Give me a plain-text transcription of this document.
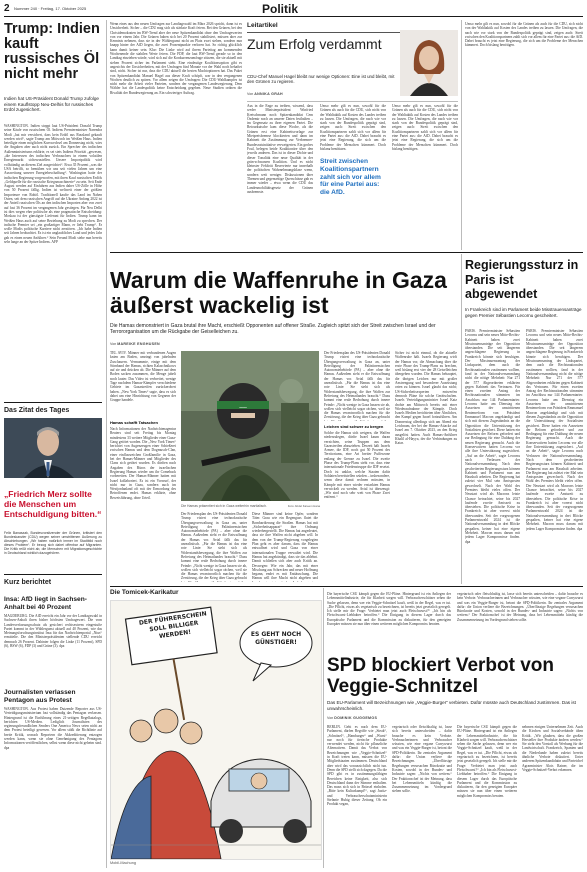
2 Nummer 240 · Freitag, 17. Oktober 2025	Politik
Trump: Indien kauft russisches Öl nicht mehr
Indien hat US-Präsident Donald Trump zufolge einem Kauflstopp Neu-Delhis für russisches Erdöl zugesichert.
WASHINGTON. Indien stoppt laut US-Präsident Donald Trump seine Käufe von russischem Öl. Indiens Premierminister Narendra Modi „hat mir versichert, dass kein Erdöl aus Russland gekauft werden wird“, sagte Trump am Mittwoch im Weißen Haus. Indien beteiligte einen möglichen Kurswechsel am Donnerstag nicht, wies die Angaben aber auch nicht zurück. Ein Sprecher des indischen Außenministeriums erklärte, es sei stets Indiens Priorität „gewesen, „die Interessen des indischen Verbrauchers in einem volatilen Energiemarkt sicherzustellen. Unsere Importpolitik wird vollständig an diesem Ziel ausgerichtet“. Etwa 35 Prozent „was die USA betrifft, so bemühen wir uns seit vielen Jahren um eine Ausweitung unserer Energiebeschaffung“. Washington hatte der indischen Regierung vorgeworfen, mit ihren Kauf russischen Erdöls „Geldquelle für die russische Kriegsmaschinerie“ zu sein. Seit Ende August werden auf Einfuhren aus Indien daher US-Zölle in Höhe von 50 Prozent fällig. Indien ist weltweit einer der größten Importeure von Rohöl. Traditionell kaufte das Land im Nahen Osten, seit dem russischen Angriff auf die Ukraine Anfang 2022 ist der Anteil russischen Öls an den indischen Importen aber von zwei auf fast 36 Prozent im vergangenen Jahr gestiegen. Für Neu Delhi ist dies wegen eher politische als eine pragmatische Entscheidung: Moskau ist der günstigste Lieferant für Indien. Trump kann im Weißen Haus auch auf seine Beziehung zu Modi zu sprechen. Der indische Premier sei „ein großartiger Mann, er liebt Trump“. Er wolle Modis politische Karriere nicht zerstören. „Ich habe Indien seit Jahren beobachtet. Es ist ein unglaubliches Land und jedes Jahr gab es einen neuen Anführer.“ Sein Freund Modi stehe nun bereits sehr lange an der Spitze Indiens. AFP
Das Zitat des Tages
„Friedrich Merz sollte die Menschen um Entschuldigung bitten.“
Felix Banaszak, Bundesvorsitzender der Grünen, kritisiert den Bundeskanzler (CDU) wegen seiner umstrittenen Äußerung zu Abschiebungen. „Wir haben natürlich immer im Stadtbild noch dieses Problem“. Er bezog sich dabei offenbar auf Migranten. Die Kritik reißt nicht ab, die Menschen mit Migrationsgeschichte in Deutschland wirklich dazugehören.
Kurz berichtet
Insa: AfD liegt in Sachsen-Anhalt bei 40 Prozent
MAGDEBURG. Die AfD erreicht ein Jahr vor der Landtagswahl in Sachsen-Anhalt ihren bisher höchsten Umfragewert. Die vom Landesverfassungsschutz als gesichert rechtsextrem eingestufte Partei kommt in der Wählergunst aktuell auf 40 Prozent, wie das Meinungsforschungsinstitut Insa für das Nachrichtenportal „Nius“ ermittelte. Die den Ministerpräsidenten stellende CDU erreicht demnach 26 Prozent. Dahinter folgen die Linke (11 Prozent), SPD (6), BSW (6), FDP (3) und Grüne (3). dpa
Journalisten verlassen Pentagon aus Protest
WASHINGTON. Aus Protest haben Dutzende Reporter aus US-Verteidigungsministerium fast vollständig das Pentagon verlassen. Hintergrund ist die Einführung eines 21-seitigen Regelkatalogs, berichten US-Medien. Lediglich Journalisten des regierungsfreundlichen Senders One America News seien nicht an dem Protest beteiligt gewesen. Vor allem stößt die Richtlinie auf breite Kritik, wonach Reportern die Akkreditierung entzogen werden kann, wenn sie ohne Genehmigung des Pentagons Informationen veröffentlichen, selbst wenn diese nicht geheim sind. dpa
Wenn eines aus den neuen Umfragen zur Landtagswahl im März 2026 spricht, dann ist es Unsicherheit. Sicher – die CDU mag sich als stärkste Kraft feiern. Bei den Grünen, bei den Christdemokraten im BW-Trend aber der neue Spitzenkandidat ohne den Umfragewerten von vor einem Jahr. Die Grünen haben sich bei 20 Prozent stabilisiert, müssen aber zur Kenntnis nehmen, dass sie in der Wählergunst nicht an Platz zwei stehen, sondern nun knapp hinter der AfD liegen, die zwei Prozentpunkte verloren hat. So richtig glücklich kann damit keiner sein. Klar: Die Linke wird auf ihrem Parteitag am kommenden Wochenende die stabilen Werte feiern. Die FDP, die laut BW-Trend gerade so in den Landtag einziehen würde, wird sich auf die Konkurrenzumfrage stürzen, die sie aktuell mit sieben Prozent sicher im Parlament sieht. Eine eindeutige Koalitionsoption gibt es angesichts der Unsicherheiten, mit der Umfragen fünf Monate vor der Wahl noch behaftet sind, nicht. Sicher ist nur, dass die CDU aktuell die besten Machtoptionen hat. Das Paket von Spitzenkandidat Manuel Hagel aus dieser Kraft schöpft, war in den vergangenen Wochen deutlich zu spüren. Vor allem zeigen die Umfragen: Die CDU-Wahlkampfes ist nicht mehr die Arbeit vieler Parteien, sondern der vergangenen Landesregierung. Dem Wähler hat die Landespolitik keine Entscheidung gegeben. Neue Studien ordnen die Rivalität der Bundesregierung an. Ein schwieriger Auftrag.
Leitartikel
Zum Erfolg verdammt
CDU-Chef Manuel Hagel bleibt nur wenige Optionen: Eine ist und bleibt, mit den Grünen zu regieren.
Von ANNIKA GRAH
Aus in die Enge zu treiben, wissend, dass weder Ministerpräsident Winfried Kretschmann noch Spitzenkandidat Cem Özdemir noch an unserer Daten festhalten – im Gegensatz zu ihrer eigenen Partei. Die Retourkutsche kam diese Woche, als die Grünen erst eine Kabinettsvorlage zur Mietpreisbremse blockierten und dann im Kabinett die Zustimmung zur Verbrenner-Bundesratsinitiative verweigerten. Ein grobes Foul, belegen beide Koalitionäre über den jeweils anderen. Das ist in dieser Dichte und dieser Tonalität eine neue Qualität in der grün-schwarzen Koalition. Und es nicht kleinster Fehltritt Reservierte nur innerhalb der politischen Wahrnehmungsblase wenn, sondern weit weniger. Diskussionen über Themen und gegenseitige Querschüsse gab es immer wieder – etwa wenn die CDU das Landesmobilitätsgesetz der Grünen ausbremste.
Umso mehr gilt es nun, sowohl für die Grünen als auch für die CDU, sich nicht von der Wahltaktik auf Kosten des Landes treiben zu lassen. Die Umfragen, die nach wie vor stark von der Bundespolitik geprägt sind, zeigen auch: Streit zwischen den Koalitionspartnern zahlt sich vor allem für eine Partei aus: die AfD. Dabei braucht es jetzt eine Regierung, die sich um die Probleme der Menschen kümmert. Doch bislang benötigen.
Streit zwischen Koalitionspartnern zahlt sich vor allem für eine Partei aus: die AfD.
Umso mehr gilt es nun, sowohl für die Grünen als auch für die CDU, sich nicht von der Wahltaktik auf Kosten des Landes treiben zu lassen. Die Umfragen, die nach wie vor stark von der Bundespolitik geprägt sind, zeigen auch: Streit zwischen den Koalitionspartnern zahlt sich vor allem für eine Partei aus: die AfD. Dabei braucht es jetzt eine Regierung, die sich um die Probleme der Menschen kümmert. Doch bislang benötigen.
Umso mehr gilt es nun, sowohl für die Grünen als auch für die CDU, sich nicht von der Wahltaktik auf Kosten des Landes treiben zu lassen. Die Umfragen, die nach wie vor stark von der Bundespolitik geprägt sind, zeigen auch: Streit zwischen den Koalitionspartnern zahlt sich vor allem für eine Partei aus: die AfD. Dabei braucht es jetzt eine Regierung, die sich um die Probleme der Menschen kümmert. Doch bislang benötigen.
Warum die Waffenruhe in Gaza äußerst wackelig ist
Die Hamas demonstriert in Gaza brutal ihre Macht, erschießt Opponenten auf offener Straße. Zugleich spitzt sich der Streit zwischen Israel und der Terrororganisation um die Rückgabe der Geiselleichen zu.
Von MAREIKE ENGHUSEN
TEL AVIV. Männer mit verbundenen Augen knien am Boden, umringt von jubelnden Zuschauern. Vermummte, einige mit dem Stirnband der Hamas, richten Kalaschnikows auf sie und drücken ab. Die Männer auf dem Boden sacken zusammen, die Menge jubelt noch lauter. Das Video ist verbreitet, wenige Tage nachdem Hamas-Kämpfer verschiedene Gebiete im Gazastreifen zurückerobert haben. „New York Times“ sagte, dass es sich dabei um eine Hinrichtung von Gegnern der Gruppe handele.
Hamas schafft Tatsachen
Nach Informationen der Nachrichtenagentur Reuters sind seit Freitag bis Montag mindestens 33 weitere Mitglieder einer Gaza-Gang getötet worden. Die „New York Times“ berichtet von Augenzeugen einer Schießerei zwischen Hamas und dem Dogmusch-Clan, einer einflussreichen Großfamilie in Gaza, bei der Hamas-Männer und Mitglieder des Clans sich getötet wurden. Es dürften nach Angaben des Büros der israelischen Regierung Hamas wieder um ihr Comeback vorbereiten. Der Hamas-Männer hatten mit Israel kollaboriert. Es ist ein Vorwurf, der nicht nur in Gaza, sondern auch im Westjordanland oft mit der Ermordung des Betroffenen endet. Hamas erklärte, ohne Beweisführung, ohne Urteil.
ـــــ
Die Hamas präsentiert sich in Gaza weiterhin martialisch.	Foto: Abdel Kareem Hana
Der Friedensplan des US-Präsidenten Donald Trump visiert eine technokratische Übergangsverwaltung in Gaza an, unter Beteiligung der Palästinensischen Autonomiebehörde (PA) – aber ohne die Hamas. Außerdem sieht er die Entwaffnung der Hamas vor. Avial fällt das für unrealistisch. „Für die Hamas ist das eine rote Linie: Sie sieht sich als Widerstandsbewegung, die ihre Waffen zur Befreiung des Heimatlandes braucht.“ Dazu kommt eine reale Bedrohung durch innere Feinde: „Nicht wenige in Gaza hassen sie ab, wollen sich vielleicht sogar rächen, weil sie die Hamas verantwortlich machen für die Zerstörung, die der Krieg über Gaza gebracht
Diese Männer sind keine Opfer, sondern Täter. Grau wie ein Regenguss flutet die Bombardierung die Straßen. Hamas hat mit „Sicherheitsapparat“ ihre Ordnung wiederhergestellt. Die Hamas hat angedeutet, dass sie ihre Waffen nicht abgeben will. In dem von der Trump-Regierung vorgelegten Plan geht es aber darum, dass die Hamas entwaffnet wird und Gaza von einer internationalen Truppe verwaltet wird. Die Hamas hat angekündigt, dass sie das ablehnt. Damit schließen sich aber auch Kritik an. Deswegen: Wie ein Jahr, das mit einer Mischung aus Schrecken und neuer Hoffnung begann, endet es mit Enttäuschung. Die Hamas will ihre Macht nicht abgeben und
Der Friedensplan des US-Präsidenten Donald Trump visiert eine technokratische Übergangsverwaltung in Gaza an, unter Beteiligung der Palästinensischen Autonomiebehörde (PA) – aber ohne die Hamas. Außerdem sieht er die Entwaffnung der Hamas vor. Avial fällt das für unrealistisch. „Für die Hamas ist das eine rote Linie: Sie sieht sich als Widerstandsbewegung, die ihre Waffen zur Befreiung des Heimatlandes braucht.“ Dazu kommt eine reale Bedrohung durch innere Feinde: „Nicht wenige in Gaza hassen sie ab, wollen sich vielleicht sogar rächen, weil sie die Hamas verantwortlich machen für die Zerstörung, die der Krieg über Gaza gebracht
Leichen sind schwer zu bergen
Solche die Hamas sich weigern, die Waffen niederzulegen, dürfte Israel kaum daran verzichten, seine Truppen aus dem Gazastreifen abzuziehen. Derzeit hält Israels Armee, die IDF, noch gut 50 Prozent des Territoriums, eine Art breiter Pufferzone entlang der Grenze zu Israel. Die zweite Phase des Trump-Plans sieht vor, dass eine internationale Friedenstruppe die IDF ersetzt. Doch ist unklar, welche Staaten dafür Soldaten bereitstellen würden – insbesondere, wenn diese damit rechnen müssten, in Kämpfe mit einer wieder erstarkten Hamas verwickelt zu werden. Avial ist überzeugt: „Wir sind noch sehr weit von Phase Zwei entfernt.“
Sicher ist nicht einmal, ob die aktuelle Waffenruhe hält. Israels Regierung wirft der Hamas vor, die Abmachung über die erste Phase des Trump-Plans zu brechen, weil bislang erst vier der 28 Geiselleichen übergeben wurden. Die Hamas behauptet, die übrigen Leichen nur mit großer Anstrengung und besonderer Ausrüstung orten zu können. Israel glaubt das nicht; US-Sicherheitsexperten entwerfen dennoch Pläne für solche Gerätschaften. Israels Verteidigungsminister Israel Katz drohte am Mittwoch bereits mit einer Wiederaufnahme der Kämpfe. Doch Israels Medien berichteten über Ähnliches, den Kampf gegen Israel fortzuführen. Am Donnerstag allerdings sich am Abend ein Leichnam, der bei der Hamas-Attacke auf Israel am 7. Oktober 2023, an den Krieg ausgelöst hatten. Auch Hamas-Anführer Khalil al-Hayya, der die Verbindungen zu Katar.
Regierungssturz in Paris ist abgewendet
In Frankreich sind im Parlament beide Misstrauensanträge gegen Premier Sébastien Lecornu gescheitert.
PARIS. Premierminister Sébastien Lecornu und sein neues Mitte-Rechts-Kabinett haben zwei Misstrauensanträge der Opposition überstanden. Die seit längerem angeschlagene Regierung in Frankreich könnte sich beruhigen. Der Misstrauensantrag der Linkspartei, dem auch die Rechtsnationalen zustimmen wollten, fand in der Nationalversammlung nicht die nötige Mehrheit: Nur 271 der 577 Abgeordneten erklärten gegen Kabinett das Vertrauen. Für einen zweiten Antrag der Rechtsnationalen stimmten im Anschluss nur 144 Parlamentarier. Lecornu hatte am Dienstag ein Aussetzen der umstrittenen Rentenreform von Präsident Emmanuel Macron angekündigt und sich mit diesem Zugeständnis an die Opposition die Unterstützung der Sozialisten gesichert. Diese hatten ein Aussetzen der Reform gefordert und zur Bedingung für eine Duldung der neuen Regierung gemacht. Auch die Konservativen hatten Lecornu vor alle ihre Unterstützung zugesichert. „Auf an die Arbeit“, sagte Lecornu nach Verlassen der Nationalversammlung. Nach dem gescheiterten Regierungssturz können Kabinett und Parlament nun am Haushalt arbeiten. Die Regierung hat zuletzt vier Mal sein Amtsposten gewechselt. Nach der Wahl des Premiers bleibt vieles offen. Der Neustart wird als Macrons letzte Chance betrachtet, seine bis 2027 laufende zweite Amtszeit zu überstehen. Die politische Krise in Frankreich ist aber vorerst nicht überwunden. Seit der vorgezogenen Parlamentswahl 2024 ist die Nationalversammlung in drei Blöcke gespalten, keiner hat eine eigene Mehrheit. Macron muss darum mit jedem Lager Kompromisse finden. dpa
PARIS. Premierminister Sébastien Lecornu und sein neues Mitte-Rechts-Kabinett haben zwei Misstrauensanträge der Opposition überstanden. Die seit längerem angeschlagene Regierung in Frankreich könnte sich beruhigen. Der Misstrauensantrag der Linkspartei, dem auch die Rechtsnationalen zustimmen wollten, fand in der Nationalversammlung nicht die nötige Mehrheit: Nur 271 der 577 Abgeordneten erklärten gegen Kabinett das Vertrauen. Für einen zweiten Antrag der Rechtsnationalen stimmten im Anschluss nur 144 Parlamentarier. Lecornu hatte am Dienstag ein Aussetzen der umstrittenen Rentenreform von Präsident Emmanuel Macron angekündigt und sich mit diesem Zugeständnis an die Opposition die Unterstützung der Sozialisten gesichert. Diese hatten ein Aussetzen der Reform gefordert und zur Bedingung für eine Duldung der neuen Regierung gemacht. Auch die Konservativen hatten Lecornu vor alle ihre Unterstützung zugesichert. „Auf an die Arbeit“, sagte Lecornu nach Verlassen der Nationalversammlung. Nach dem gescheiterten Regierungssturz können Kabinett und Parlament nun am Haushalt arbeiten. Die Regierung hat zuletzt vier Mal sein Amtsposten gewechselt. Nach der Wahl des Premiers bleibt vieles offen. Der Neustart wird als Macrons letzte Chance betrachtet, seine bis 2027 laufende zweite Amtszeit zu überstehen. Die politische Krise in Frankreich ist aber vorerst nicht überwunden. Seit der vorgezogenen Parlamentswahl 2024 ist die Nationalversammlung in drei Blöcke gespalten, keiner hat eine eigene Mehrheit. Macron muss darum mit jedem Lager Kompromisse finden. dpa
Die Tomicek-Karikatur
DER FÜHRERSCHEIN SOLL BILLIGER WERDEN!	ES GEHT NOCH GÜNSTIGER!
Mobil-Machung
SPD blockiert Verbot von Veggie-Schnitzel
Das EU-Parlament will Bezeichnungen wie „Veggie-Burger“ verbieten. Dafür müsste auch Deutschland zustimmen. Das ist unwahrscheinlich.
Von DOMINIK GUGGEMOS
BERLIN. Geht es nach dem EU-Parlament, dürfen Begriffe wie „Steak“, „Schnitzel“, „Hamburger“ und „Wurst“ nur noch für tierische Produkte verwendet werden, nicht für pflanzliche Alternativen. Damit das Verbot von Bezeichnungen wie „Veggie-Schnitzel“ in Kraft treten kann, müssen die EU-Mitgliedstaaten zustimmen. Deutschland aber wird das voraussichtlich nicht tun. Denn die SPD stellt sich dagegen. Da die SPD gibt es in zustimmungsfähigen Bereichen keine Einigkeit, also sich Deutschland dann der Stimme enthalten. Das muss sich sich in Brüssel einholen. „Bitte kein Kulturkampf!“, sagt Justiz- und Verbraucherschutzministerin Stefanie Hubig dieser Zeitung. Ob ein Produkt vegan,
vegetarisch oder fleischhaltig ist, lasse sich bereits unterscheiden – dafür brauche es kein Verbote. Verbraucherinnen und Verbraucher wüssten, wie eine vegane Currywurst und was ein Veggie-Burger ist, betont die SPD-Politikerin. Ihr zentrales Argument dafür: die Union verliere die Bezeichnungen. „Überflüssige Regelungen verursachen Bürokratie und Kosten, sowohl in der Bundes- und Industrie sagen: „Nichts von weitem.“ Der Fraktionschef ist der Meinung, dass bei Lebensmitteln künftig die Zusammensetzung im Vordergrund stehen sollte.
Die bayerische CSU kämpft gegen die EU-Pläne. Hintergrund ist ein Anliegen der Lebensmittelindustrie, die für Klarheit sorgen will. Verbraucherschützer sehen die Sache gelassen, denn wer ein Veggie-Schnitzel kauft, weiß in der Regel, was er tut. „Die Pflicht, etwas als vegetarisch zu bezeichnen, ist bereits jetzt gesetzlich geregelt. Ich stelle mir die Frage: Verbietet man jetzt auch Fleischwurst?“ „Ich bin als Fleischwurst-Liebhaber betroffen.“ Die Einigung in diesem Lager durch das Europäische Parlament und die Kommission zu diskutieren, für den geneigten Europäer müssen sie nun über einen weiteren möglichen Kompromiss beraten.
nehmen einigen Unternehmen Zeit. Auch die Kirchen und Sozialverbände üben Kritik. „Wir glauben, dass die großen Hersteller ihre Produkte ändern werden.“ Sie sieht den Vorstoß als Werbung für die Landwirtschaft. Frankreich, Spanien und die Niederlande haben zuletzt bereits ähnliche Verbote diskutiert. Unter anderem Spitzenkandidatin und Parteichef Agrarminister Alois Rainer, die im Veggie-Schnitzel-Verbot erkennen.
Die bayerische CSU kämpft gegen die EU-Pläne. Hintergrund ist ein Anliegen der Lebensmittelindustrie, die für Klarheit sorgen will. Verbraucherschützer sehen die Sache gelassen, denn wer ein Veggie-Schnitzel kauft, weiß in der Regel, was er tut. „Die Pflicht, etwas als vegetarisch zu bezeichnen, ist bereits jetzt gesetzlich geregelt. Ich stelle mir die Frage: Verbietet man jetzt auch Fleischwurst?“ „Ich bin als Fleischwurst-Liebhaber betroffen.“ Die Einigung in diesem Lager durch das Europäische Parlament und die Kommission zu diskutieren, für den geneigten Europäer müssen sie nun über einen weiteren möglichen Kompromiss beraten.
vegetarisch oder fleischhaltig ist, lasse sich bereits unterscheiden – dafür brauche es kein Verbote. Verbraucherinnen und Verbraucher wüssten, wie eine vegane Currywurst und was ein Veggie-Burger ist, betont die SPD-Politikerin. Ihr zentrales Argument dafür: die Union verliere die Bezeichnungen. „Überflüssige Regelungen verursachen Bürokratie und Kosten, sowohl in der Bundes- und Industrie sagen: „Nichts von weitem.“ Der Fraktionschef ist der Meinung, dass bei Lebensmitteln künftig die Zusammensetzung im Vordergrund stehen sollte.
